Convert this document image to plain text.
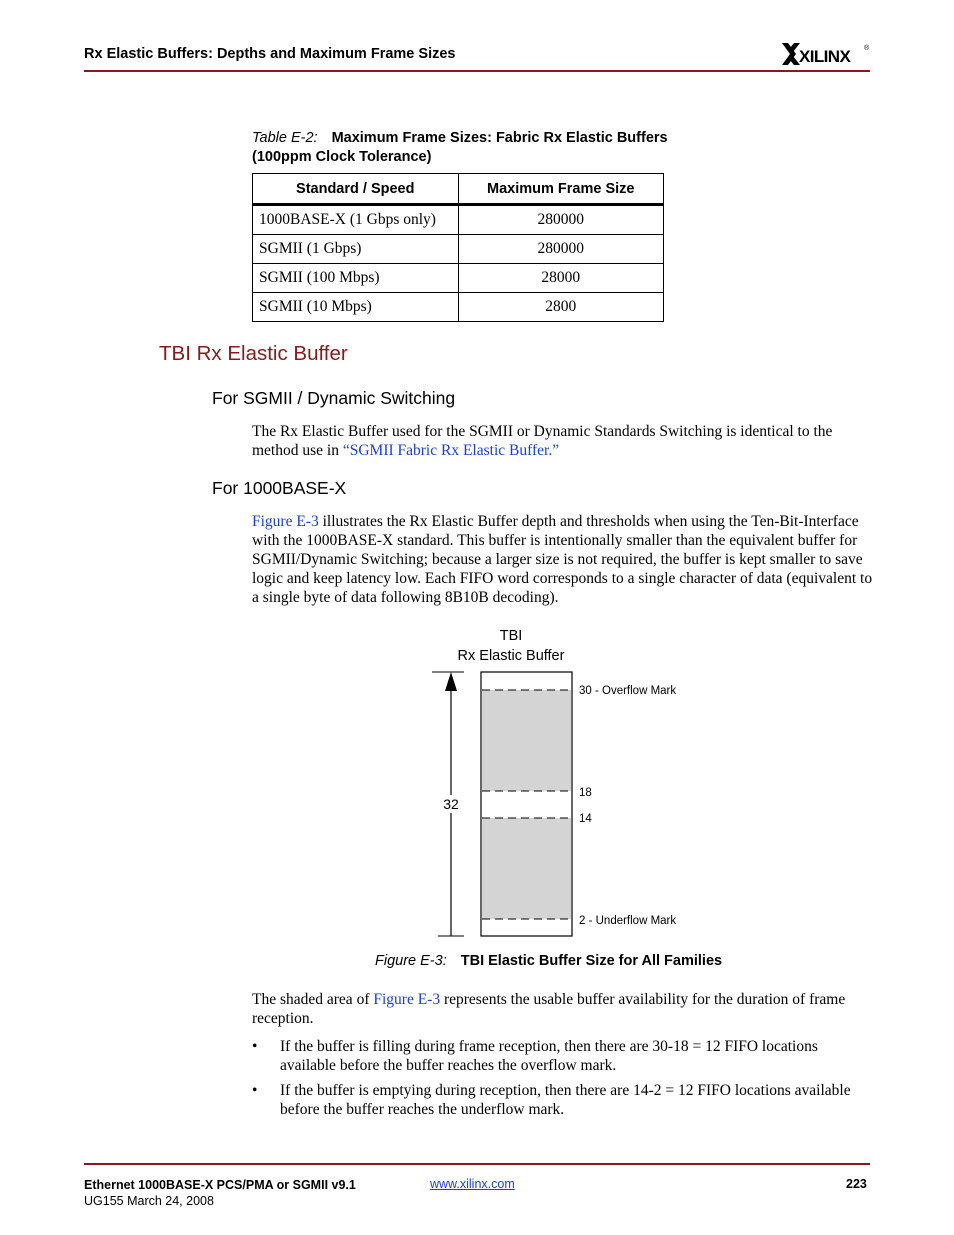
Rx Elastic Buffers: Depths and Maximum Frame Sizes	XILINX ®
Table E-2: Maximum Frame Sizes: Fabric Rx Elastic Buffers
(100ppm Clock Tolerance)
Standard / Speed	Maximum Frame Size
1000BASE-X (1 Gbps only)	280000
SGMII (1 Gbps)	280000
SGMII (100 Mbps)	28000
SGMII (10 Mbps)	2800
TBI Rx Elastic Buffer
For SGMII / Dynamic Switching

The Rx Elastic Buffer used for the SGMII or Dynamic Standards Switching is identical to the method use in “SGMII Fabric Rx Elastic Buffer.”

For 1000BASE-X

Figure E-3 illustrates the Rx Elastic Buffer depth and thresholds when using the Ten-Bit-Interface with the 1000BASE-X standard. This buffer is intentionally smaller than the equivalent buffer for SGMII/Dynamic Switching; because a larger size is not required, the buffer is kept smaller to save logic and keep latency low. Each FIFO word corresponds to a single character of data (equivalent to a single byte of data following 8B10B decoding).

TBI
Rx Elastic Buffer
32
30 - Overflow Mark
18
14
2 - Underflow Mark
Figure E-3: TBI Elastic Buffer Size for All Families

The shaded area of Figure E-3 represents the usable buffer availability for the duration of frame reception.

• If the buffer is filling during frame reception, then there are 30-18 = 12 FIFO locations available before the buffer reaches the overflow mark.
• If the buffer is emptying during reception, then there are 14-2 = 12 FIFO locations available before the buffer reaches the underflow mark.
Ethernet 1000BASE-X PCS/PMA or SGMII v9.1
UG155 March 24, 2008
www.xilinx.com	223
